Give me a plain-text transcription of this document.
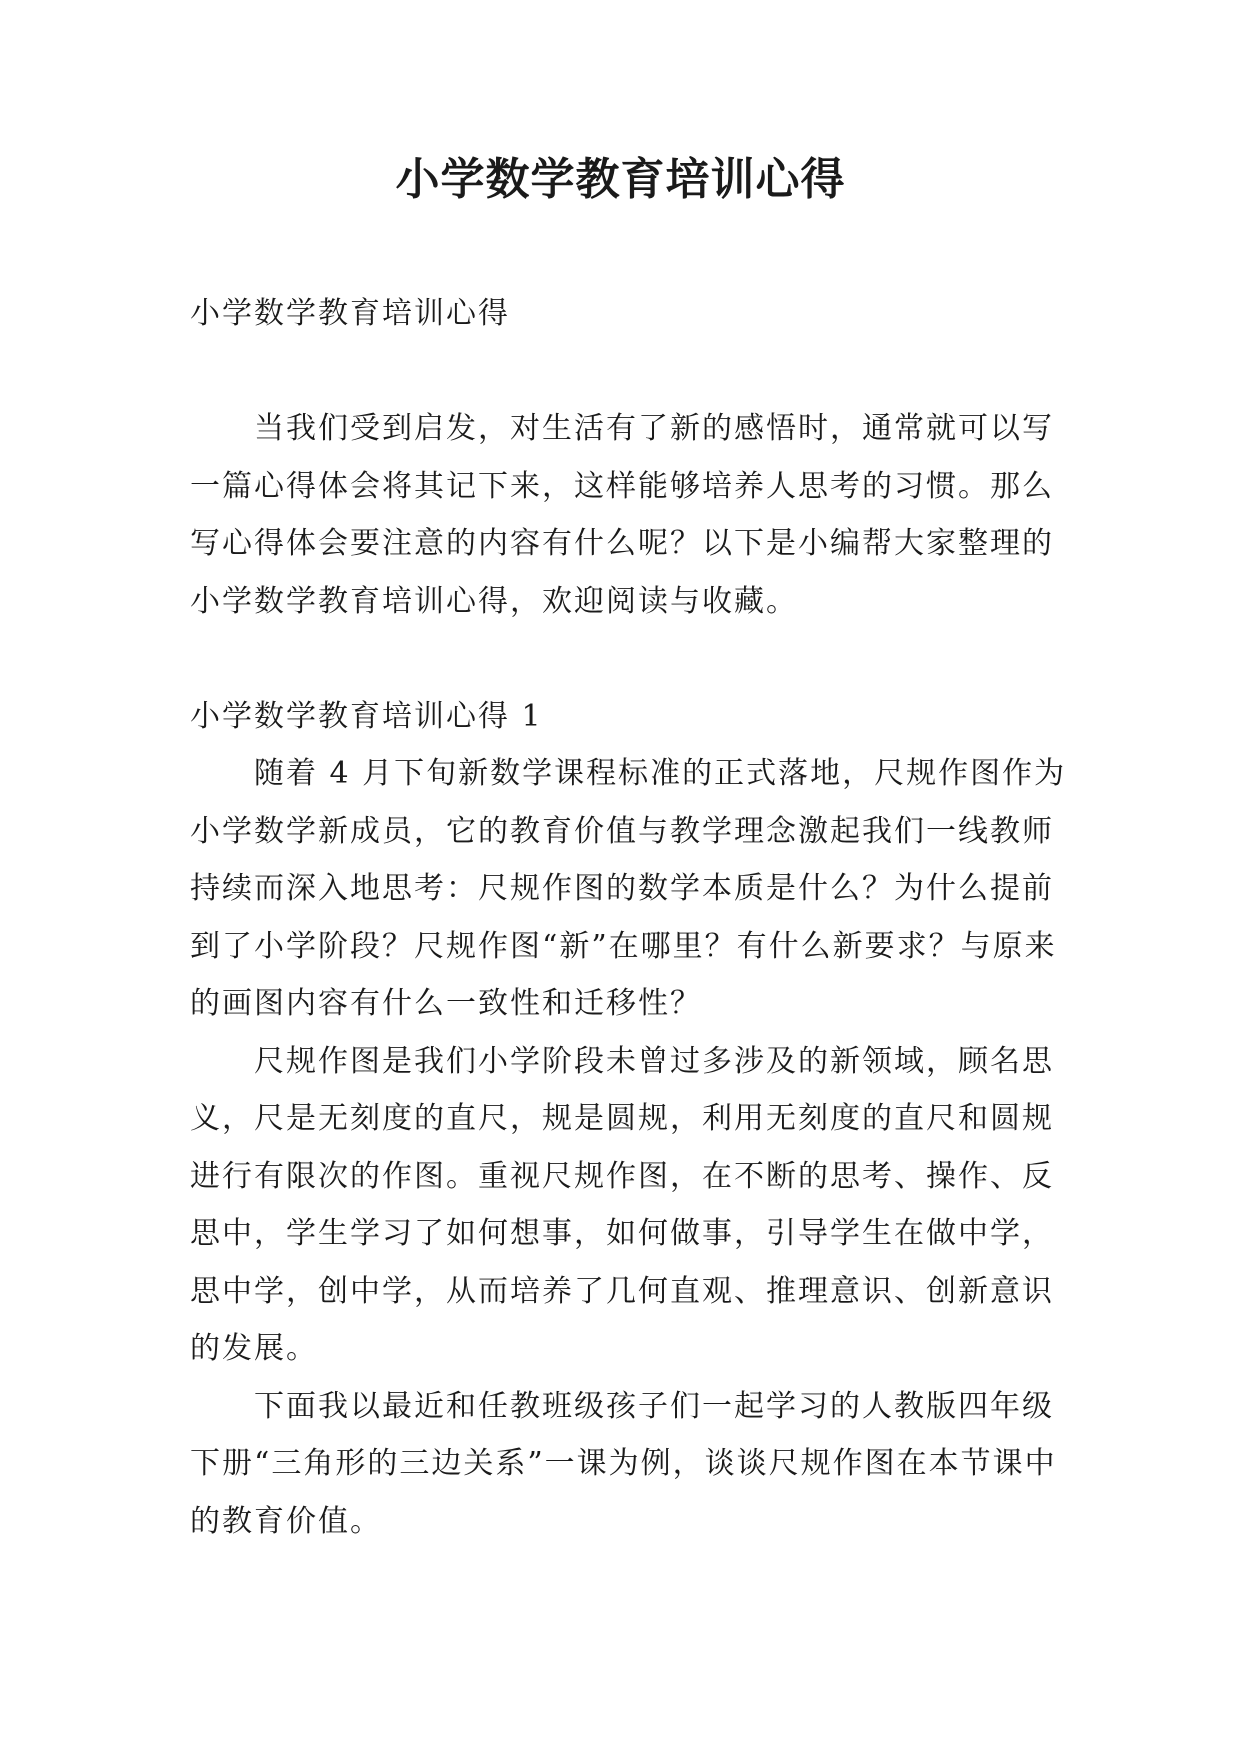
小学数学教育培训心得

小学数学教育培训心得

当我们受到启发，对生活有了新的感悟时，通常就可以写一篇心得体会将其记下来，这样能够培养人思考的习惯。那么写心得体会要注意的内容有什么呢？以下是小编帮大家整理的小学数学教育培训心得，欢迎阅读与收藏。

小学数学教育培训心得 1

随着 4 月下旬新数学课程标准的正式落地，尺规作图作为小学数学新成员，它的教育价值与教学理念激起我们一线教师持续而深入地思考：尺规作图的数学本质是什么？为什么提前到了小学阶段？尺规作图“新”在哪里？有什么新要求？与原来的画图内容有什么一致性和迁移性？

尺规作图是我们小学阶段未曾过多涉及的新领域，顾名思义，尺是无刻度的直尺，规是圆规，利用无刻度的直尺和圆规进行有限次的作图。重视尺规作图，在不断的思考、操作、反思中，学生学习了如何想事，如何做事，引导学生在做中学，思中学，创中学，从而培养了几何直观、推理意识、创新意识的发展。

下面我以最近和任教班级孩子们一起学习的人教版四年级下册“三角形的三边关系”一课为例，谈谈尺规作图在本节课中的教育价值。
